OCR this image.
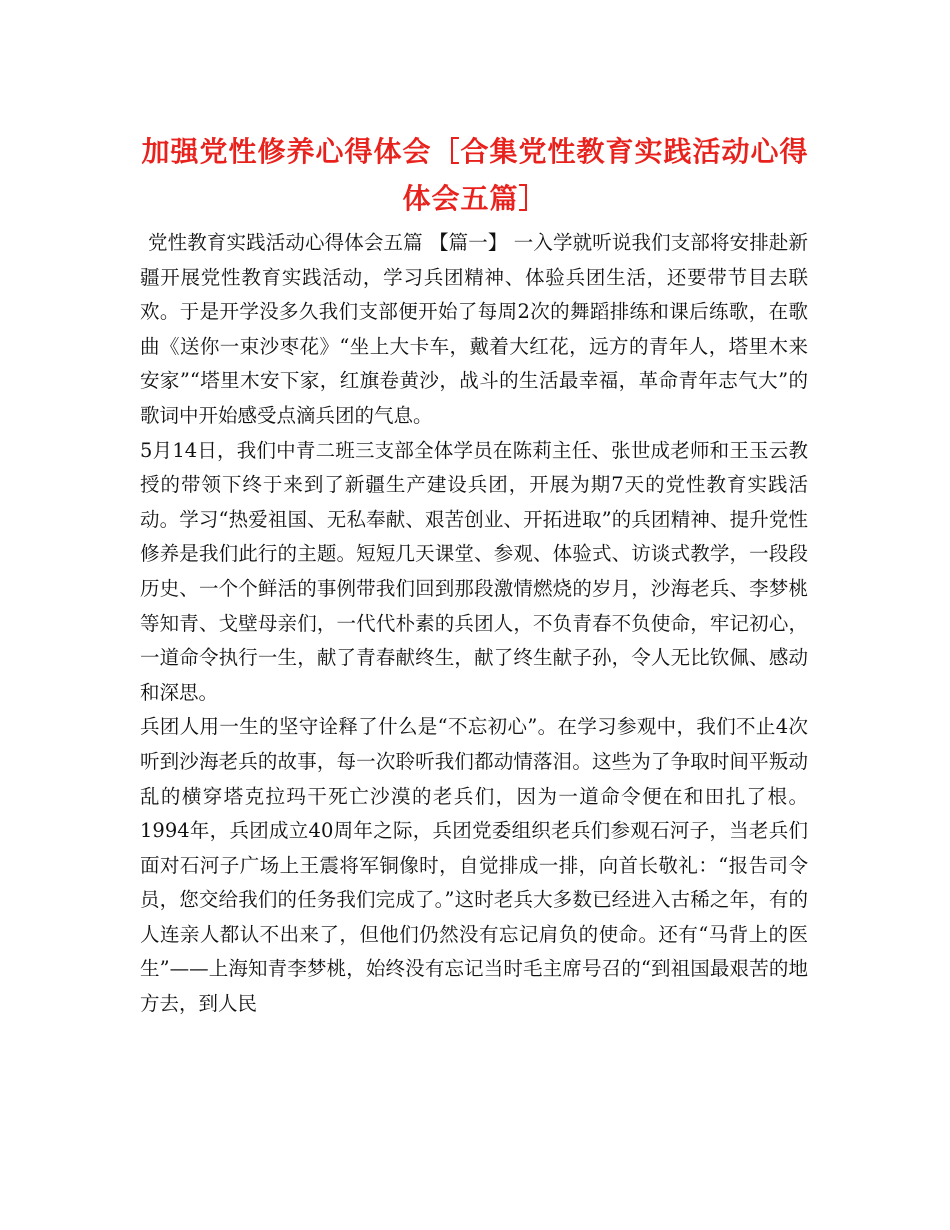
加强党性修养心得体会［合集党性教育实践活动心得体会五篇］

党性教育实践活动心得体会五篇 【篇一】 一入学就听说我们支部将安排赴新疆开展党性教育实践活动，学习兵团精神、体验兵团生活，还要带节目去联欢。于是开学没多久我们支部便开始了每周2次的舞蹈排练和课后练歌，在歌曲《送你一束沙枣花》“坐上大卡车，戴着大红花，远方的青年人，塔里木来安家”“塔里木安下家，红旗卷黄沙，战斗的生活最幸福，革命青年志气大”的歌词中开始感受点滴兵团的气息。

5月14日，我们中青二班三支部全体学员在陈莉主任、张世成老师和王玉云教授的带领下终于来到了新疆生产建设兵团，开展为期7天的党性教育实践活动。学习“热爱祖国、无私奉献、艰苦创业、开拓进取”的兵团精神、提升党性修养是我们此行的主题。短短几天课堂、参观、体验式、访谈式教学，一段段历史、一个个鲜活的事例带我们回到那段激情燃烧的岁月，沙海老兵、李梦桃等知青、戈壁母亲们，一代代朴素的兵团人，不负青春不负使命，牢记初心，一道命令执行一生，献了青春献终生，献了终生献子孙，令人无比钦佩、感动和深思。

兵团人用一生的坚守诠释了什么是“不忘初心”。在学习参观中，我们不止4次听到沙海老兵的故事，每一次聆听我们都动情落泪。这些为了争取时间平叛动乱的横穿塔克拉玛干死亡沙漠的老兵们，因为一道命令便在和田扎了根。1994年，兵团成立40周年之际，兵团党委组织老兵们参观石河子，当老兵们面对石河子广场上王震将军铜像时，自觉排成一排，向首长敬礼：“报告司令员，您交给我们的任务我们完成了。”这时老兵大多数已经进入古稀之年，有的人连亲人都认不出来了，但他们仍然没有忘记肩负的使命。还有“马背上的医生”——上海知青李梦桃，始终没有忘记当时毛主席号召的“到祖国最艰苦的地方去，到人民
